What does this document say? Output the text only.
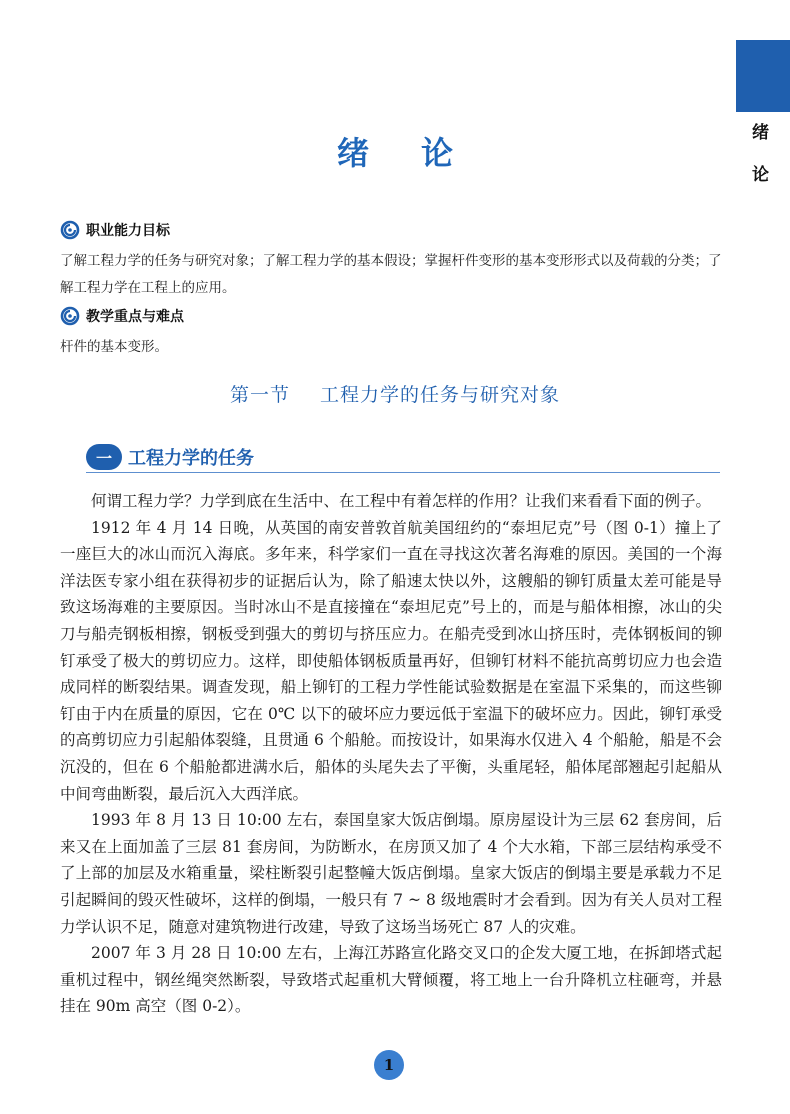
绪
论
绪论
职业能力目标
了解工程力学的任务与研究对象；了解工程力学的基本假设；掌握杆件变形的基本变形形式以及荷载的分类；了解工程力学在工程上的应用。
教学重点与难点
杆件的基本变形。
第一节 工程力学的任务与研究对象
一 工程力学的任务

何谓工程力学？力学到底在生活中、在工程中有着怎样的作用？让我们来看看下面的例子。

1912 年 4 月 14 日晚，从英国的南安普敦首航美国纽约的“泰坦尼克”号（图 0-1）撞上了一座巨大的冰山而沉入海底。多年来，科学家们一直在寻找这次著名海难的原因。美国的一个海洋法医专家小组在获得初步的证据后认为，除了船速太快以外，这艘船的铆钉质量太差可能是导致这场海难的主要原因。当时冰山不是直接撞在“泰坦尼克”号上的，而是与船体相擦，冰山的尖刀与船壳钢板相擦，钢板受到强大的剪切与挤压应力。在船壳受到冰山挤压时，壳体钢板间的铆钉承受了极大的剪切应力。这样，即使船体钢板质量再好，但铆钉材料不能抗高剪切应力也会造成同样的断裂结果。调查发现，船上铆钉的工程力学性能试验数据是在室温下采集的，而这些铆钉由于内在质量的原因，它在 0℃ 以下的破坏应力要远低于室温下的破坏应力。因此，铆钉承受的高剪切应力引起船体裂缝，且贯通 6 个船舱。而按设计，如果海水仅进入 4 个船舱，船是不会沉没的，但在 6 个船舱都进满水后，船体的头尾失去了平衡，头重尾轻，船体尾部翘起引起船从中间弯曲断裂，最后沉入大西洋底。

1993 年 8 月 13 日 10:00 左右，泰国皇家大饭店倒塌。原房屋设计为三层 62 套房间，后来又在上面加盖了三层 81 套房间，为防断水，在房顶又加了 4 个大水箱，下部三层结构承受不了上部的加层及水箱重量，梁柱断裂引起整幢大饭店倒塌。皇家大饭店的倒塌主要是承载力不足引起瞬间的毁灭性破坏，这样的倒塌，一般只有 7 ~ 8 级地震时才会看到。因为有关人员对工程力学认识不足，随意对建筑物进行改建，导致了这场当场死亡 87 人的灾难。

2007 年 3 月 28 日 10:00 左右，上海江苏路宣化路交叉口的企发大厦工地，在拆卸塔式起重机过程中，钢丝绳突然断裂，导致塔式起重机大臂倾覆，将工地上一台升降机立柱砸弯，并悬挂在 90m 高空（图 0-2）。

1
